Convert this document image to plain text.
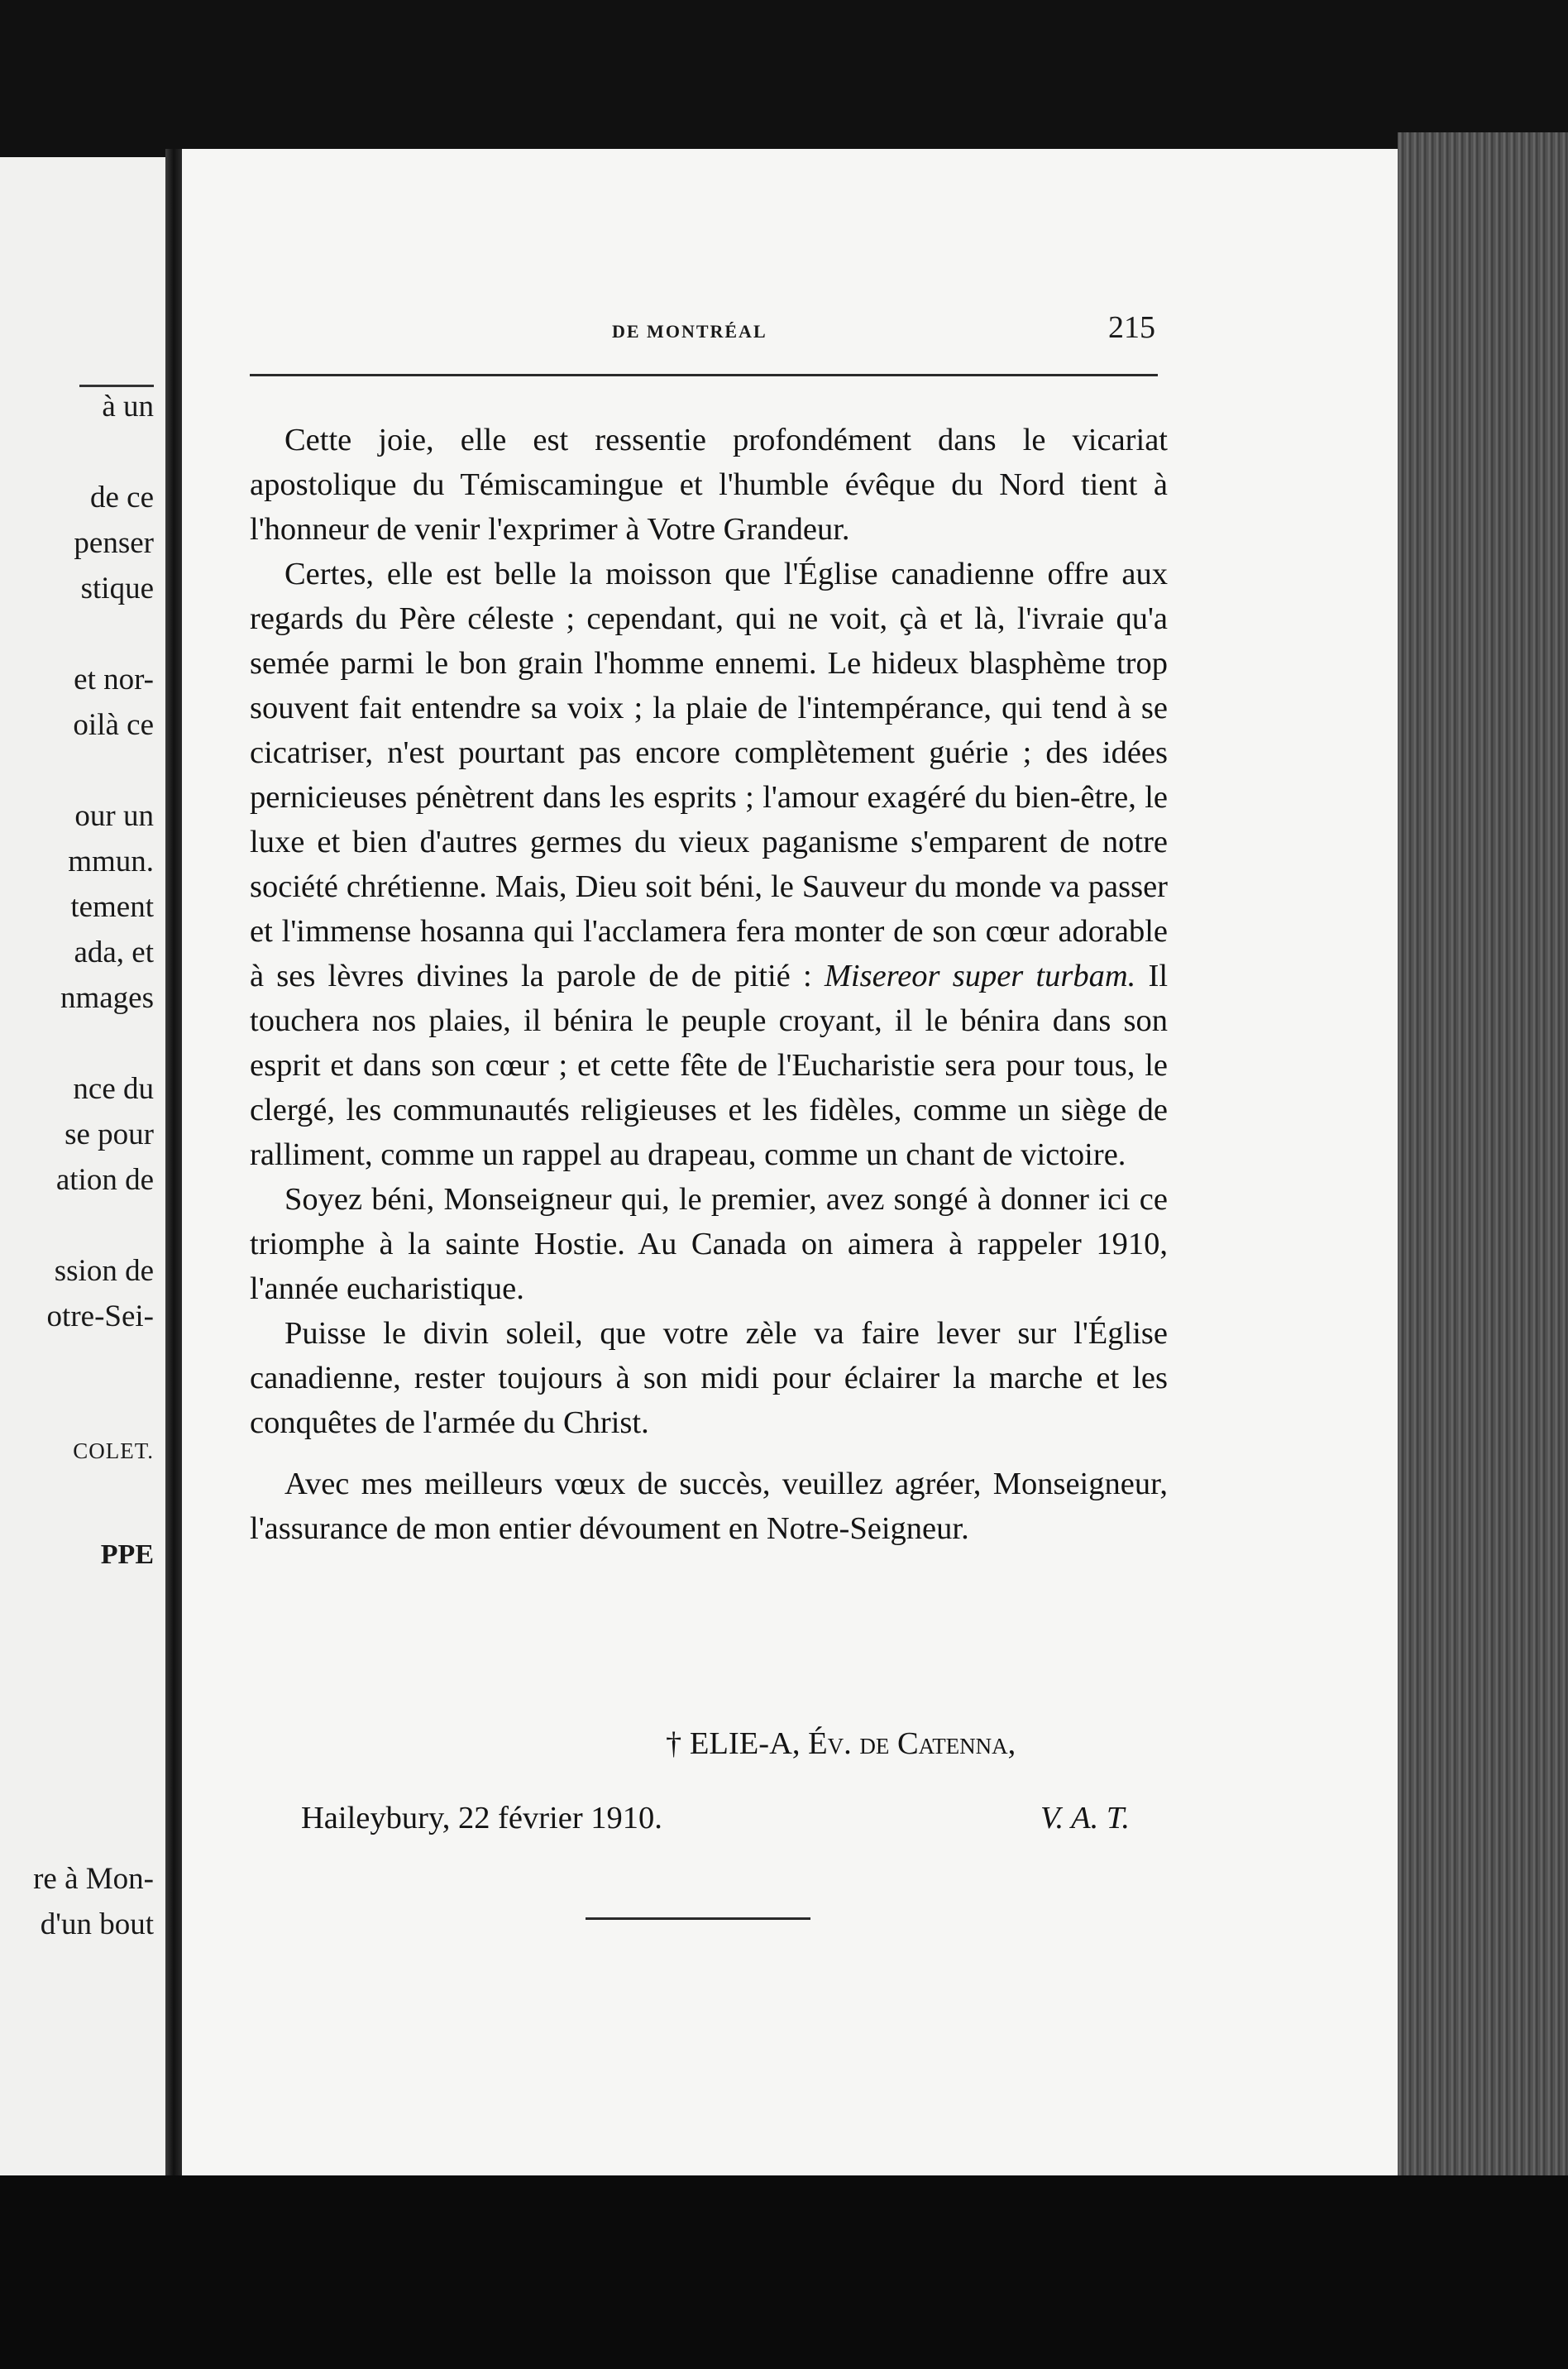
à un
de ce
penser
stique
et nor-
oilà ce
our un
mmun.
tement
ada, et
nmages
nce du
se pour
ation de
ssion de
otre-Sei-
COLET.
PPE
re à Mon-
d'un bout
DE MONTRÉAL	215

Cette joie, elle est ressentie profondément dans le vicariat apostolique du Témiscamingue et l'humble évêque du Nord tient à l'honneur de venir l'exprimer à Votre Grandeur.

Certes, elle est belle la moisson que l'Église canadienne offre aux regards du Père céleste ; cependant, qui ne voit, çà et là, l'ivraie qu'a semée parmi le bon grain l'homme ennemi. Le hideux blasphème trop souvent fait entendre sa voix ; la plaie de l'intempérance, qui tend à se cicatriser, n'est pourtant pas encore complètement guérie ; des idées pernicieuses pénètrent dans les esprits ; l'amour exagéré du bien-être, le luxe et bien d'autres germes du vieux paganisme s'emparent de notre société chrétienne. Mais, Dieu soit béni, le Sauveur du monde va passer et l'immense hosanna qui l'acclamera fera monter de son cœur adorable à ses lèvres divines la parole de de pitié : Misereor super turbam. Il touchera nos plaies, il bénira le peuple croyant, il le bénira dans son esprit et dans son cœur ; et cette fête de l'Eucharistie sera pour tous, le clergé, les communautés religieuses et les fidèles, comme un siège de ralliment, comme un rappel au drapeau, comme un chant de victoire.

Soyez béni, Monseigneur qui, le premier, avez songé à donner ici ce triomphe à la sainte Hostie. Au Canada on aimera à rappeler 1910, l'année eucharistique.

Puisse le divin soleil, que votre zèle va faire lever sur l'Église canadienne, rester toujours à son midi pour éclairer la marche et les conquêtes de l'armée du Christ.

Avec mes meilleurs vœux de succès, veuillez agréer, Monseigneur, l'assurance de mon entier dévoument en Notre-Seigneur.

† ELIE-A, Év. de Catenna,
Haileybury, 22 février 1910.	V. A. T.
